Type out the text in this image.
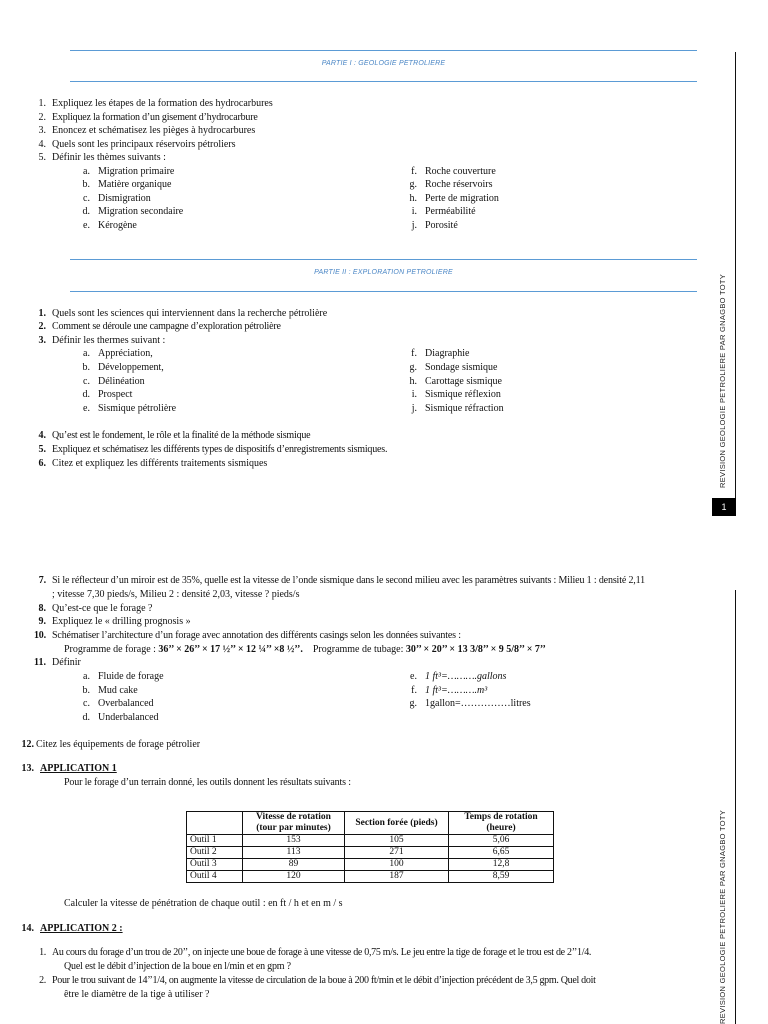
PARTIE I : GEOLOGIE PETROLIERE
1. Expliquez les étapes de la formation des hydrocarbures
2. Expliquez la formation d’un gisement d’hydrocarbure
3. Enoncez et schématisez les pièges à hydrocarbures
4. Quels sont les principaux réservoirs pétroliers
5. Définir les thèmes suivants :
a. Migration primaire
b. Matière organique
c. Dismigration
d. Migration secondaire
e. Kérogène
f. Roche couverture
g. Roche réservoirs
h. Perte de migration
i. Perméabilité
j. Porosité
PARTIE II : EXPLORATION PETROLIERE
1. Quels sont les sciences qui interviennent dans la recherche pétrolière
2. Comment se déroule une campagne d’exploration pétrolière
3. Définir les thermes suivant :
a. Appréciation,
b. Développement,
c. Délinéation
d. Prospect
e. Sismique pétrolière
f. Diagraphie
g. Sondage sismique
h. Carottage sismique
i. Sismique réflexion
j. Sismique réfraction
4. Qu’est est le fondement, le rôle et la finalité de la méthode sismique
5. Expliquez et schématisez les différents types de dispositifs d’enregistrements sismiques.
6. Citez et expliquez les différents traitements sismiques	REVISION GEOLOGIE PETROLIERE PAR GNAGBO TOTY
1
REVISION GEOLOGIE PETROLIERE PAR GNAGBO TOTY
7. Si le réflecteur d’un miroir est de 35%, quelle est la vitesse de l’onde sismique dans le second milieu avec les paramètres suivants : Milieu 1 : densité 2,11
; vitesse 7,30 pieds/s, Milieu 2 : densité 2,03, vitesse ? pieds/s
8. Qu’est-ce que le forage ?
9. Expliquez le « drilling prognosis »
10. Schématiser l’architecture d’un forage avec annotation des différents casings selon les données suivantes :
Programme de forage : 36’’ × 26’’ × 17 ½’’ × 12 ¼’’ ×8 ½’’. Programme de tubage: 30’’ × 20’’ × 13 3/8’’ × 9 5/8’’ × 7’’
11. Définir
a. Fluide de forage
b. Mud cake
c. Overbalanced
d. Underbalanced
e. 1 ft³=……….gallons
f. 1 ft³=……….m³
g. 1gallon=……………litres
12. Citez les équipements de forage pétrolier
13. APPLICATION 1
Pour le forage d’un terrain donné, les outils donnent les résultats suivants :
	Vitesse de rotation (tour par minutes)	Section forée (pieds)	Temps de rotation (heure)
Outil 1	153	105	5,06
Outil 2	113	271	6,65
Outil 3	89	100	12,8
Outil 4	120	187	8,59
Calculer la vitesse de pénétration de chaque outil : en ft / h et en m / s
14. APPLICATION 2 :
1. Au cours du forage d’un trou de 20’’, on injecte une boue de forage à une vitesse de 0,75 m/s. Le jeu entre la tige de forage et le trou est de 2’’1/4.
Quel est le débit d’injection de la boue en l/min et en gpm ?
2. Pour le trou suivant de 14’’1/4, on augmente la vitesse de circulation de la boue à 200 ft/min et le débit d’injection précédent de 3,5 gpm. Quel doit
être le diamètre de la tige à utiliser ?
